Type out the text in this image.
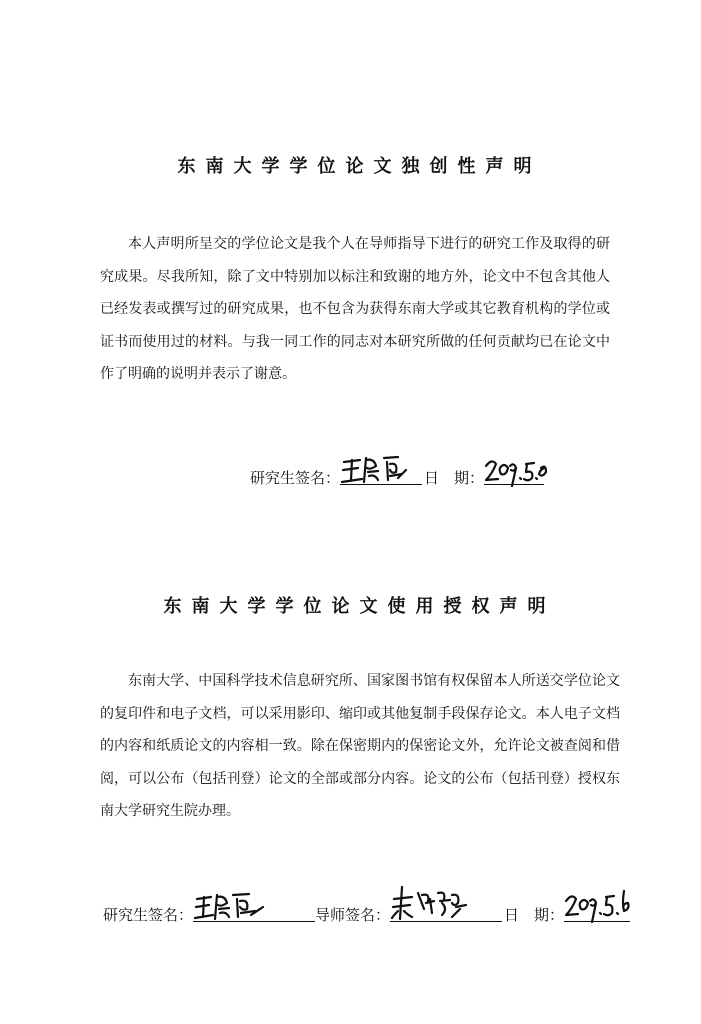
东南大学学位论文独创性声明

本人声明所呈交的学位论文是我个人在导师指导下进行的研究工作及取得的研究成果。尽我所知，除了文中特别加以标注和致谢的地方外，论文中不包含其他人已经发表或撰写过的研究成果，也不包含为获得东南大学或其它教育机构的学位或证书而使用过的材料。与我一同工作的同志对本研究所做的任何贡献均已在论文中作了明确的说明并表示了谢意。

研究生签名：	日　期：
东南大学学位论文使用授权声明

东南大学、中国科学技术信息研究所、国家图书馆有权保留本人所送交学位论文的复印件和电子文档，可以采用影印、缩印或其他复制手段保存论文。本人电子文档的内容和纸质论文的内容相一致。除在保密期内的保密论文外，允许论文被查阅和借阅，可以公布（包括刊登）论文的全部或部分内容。论文的公布（包括刊登）授权东南大学研究生院办理。

研究生签名：	导师签名：	日　期：
